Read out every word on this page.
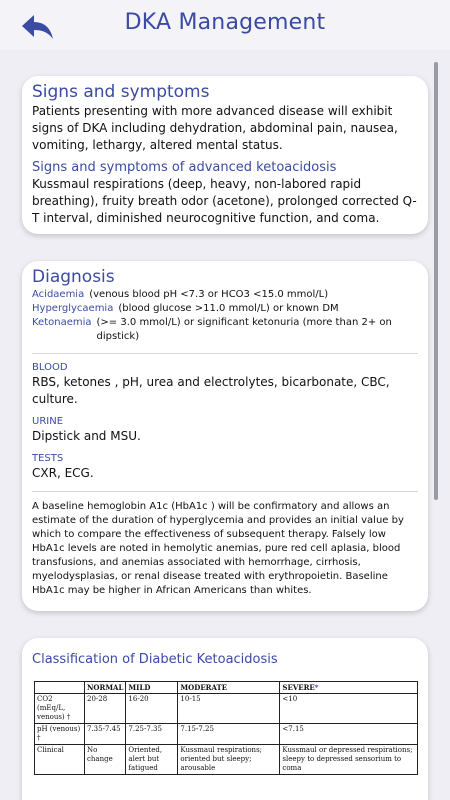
DKA Management
Signs and symptoms
Patients presenting with more advanced disease will exhibit signs of DKA including dehydration, abdominal pain, nausea, vomiting, lethargy, altered mental status.
Signs and symptoms of advanced ketoacidosis
Kussmaul respirations (deep, heavy, non-labored rapid breathing), fruity breath odor (acetone), prolonged corrected Q-T interval, diminished neurocognitive function, and coma.
Diagnosis
Acidaemia (venous blood pH <7.3 or HCO3 <15.0 mmol/L)
Hyperglycaemia (blood glucose >11.0 mmol/L) or known DM
Ketonaemia (>= 3.0 mmol/L) or significant ketonuria (more than 2+ on dipstick)
BLOOD
RBS, ketones , pH, urea and electrolytes, bicarbonate, CBC, culture.
URINE
Dipstick and MSU.
TESTS
CXR, ECG.
A baseline hemoglobin A1c (HbA1c ) will be confirmatory and allows an estimate of the duration of hyperglycemia and provides an initial value by which to compare the effectiveness of subsequent therapy. Falsely low HbA1c levels are noted in hemolytic anemias, pure red cell aplasia, blood transfusions, and anemias associated with hemorrhage, cirrhosis, myelodysplasias, or renal disease treated with erythropoietin. Baseline HbA1c may be higher in African Americans than whites.
Classification of Diabetic Ketoacidosis
	NORMAL	MILD	MODERATE	SEVERE*
CO2 (mEq/L, venous) †	20-28	16-20	10-15	<10
pH (venous) †	7.35-7.45	7.25-7.35	7.15-7.25	<7.15
Clinical	No change	Oriented, alert but fatigued	Kussmaul respirations; oriented but sleepy; arousable	Kussmaul or depressed respirations; sleepy to depressed sensorium to coma
